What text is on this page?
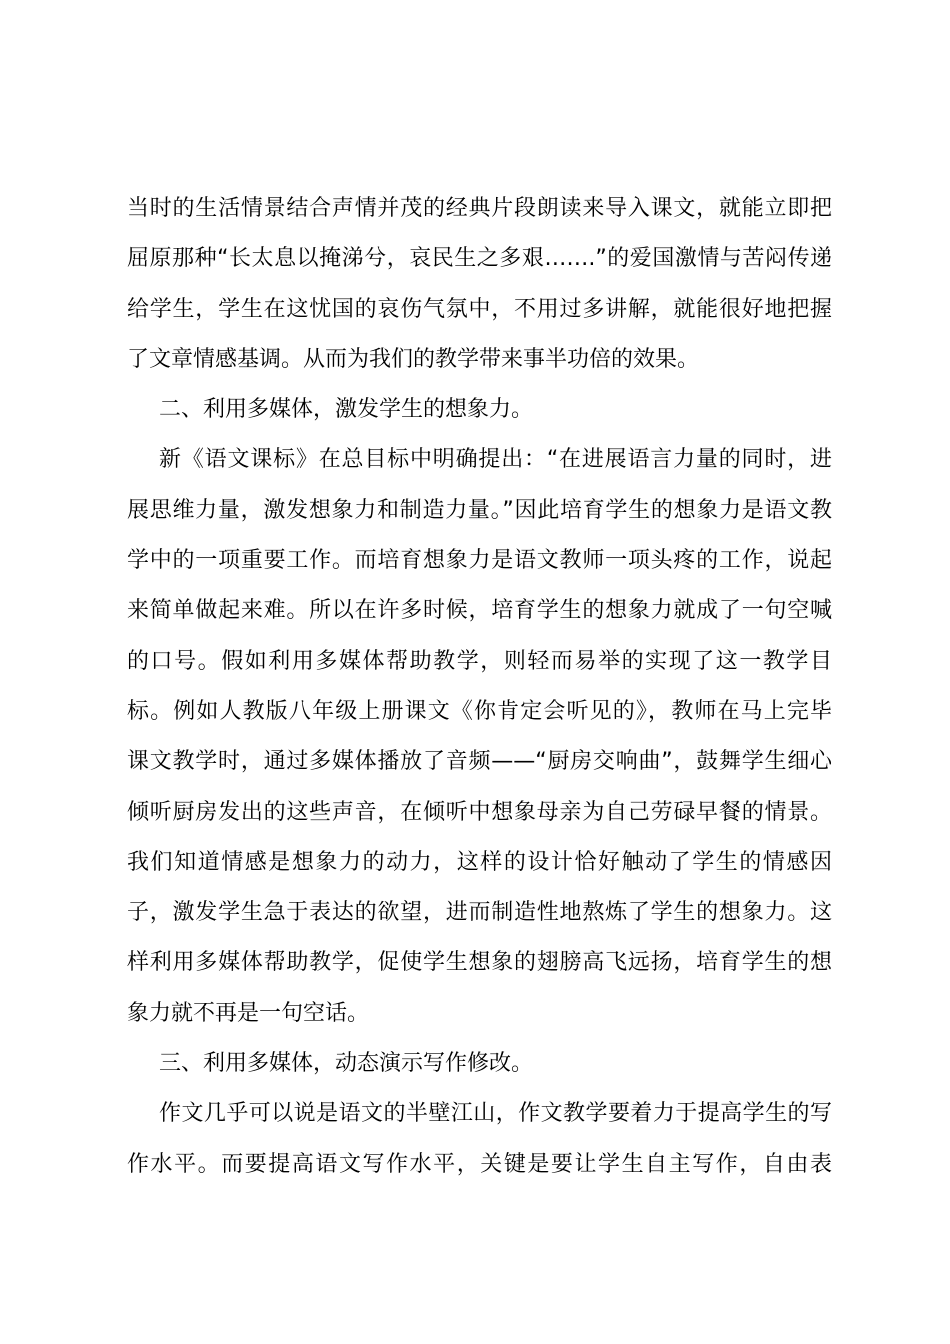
当时的生活情景结合声情并茂的经典片段朗读来导入课文，就能立即把
屈原那种“长太息以掩涕兮，哀民生之多艰…….”的爱国激情与苦闷传递
给学生，学生在这忧国的哀伤气氛中，不用过多讲解，就能很好地把握
了文章情感基调。从而为我们的教学带来事半功倍的效果。
二、利用多媒体，激发学生的想象力。
新《语文课标》在总目标中明确提出：“在进展语言力量的同时，进
展思维力量，激发想象力和制造力量。”因此培育学生的想象力是语文教
学中的一项重要工作。而培育想象力是语文教师一项头疼的工作，说起
来简单做起来难。所以在许多时候，培育学生的想象力就成了一句空喊
的口号。假如利用多媒体帮助教学，则轻而易举的实现了这一教学目
标。例如人教版八年级上册课文《你肯定会听见的》，教师在马上完毕
课文教学时，通过多媒体播放了音频——“厨房交响曲”，鼓舞学生细心
倾听厨房发出的这些声音，在倾听中想象母亲为自己劳碌早餐的情景。
我们知道情感是想象力的动力，这样的设计恰好触动了学生的情感因
子，激发学生急于表达的欲望，进而制造性地熬炼了学生的想象力。这
样利用多媒体帮助教学，促使学生想象的翅膀高飞远扬，培育学生的想
象力就不再是一句空话。
三、利用多媒体，动态演示写作修改。
作文几乎可以说是语文的半壁江山，作文教学要着力于提高学生的写
作水平。而要提高语文写作水平，关键是要让学生自主写作，自由表
